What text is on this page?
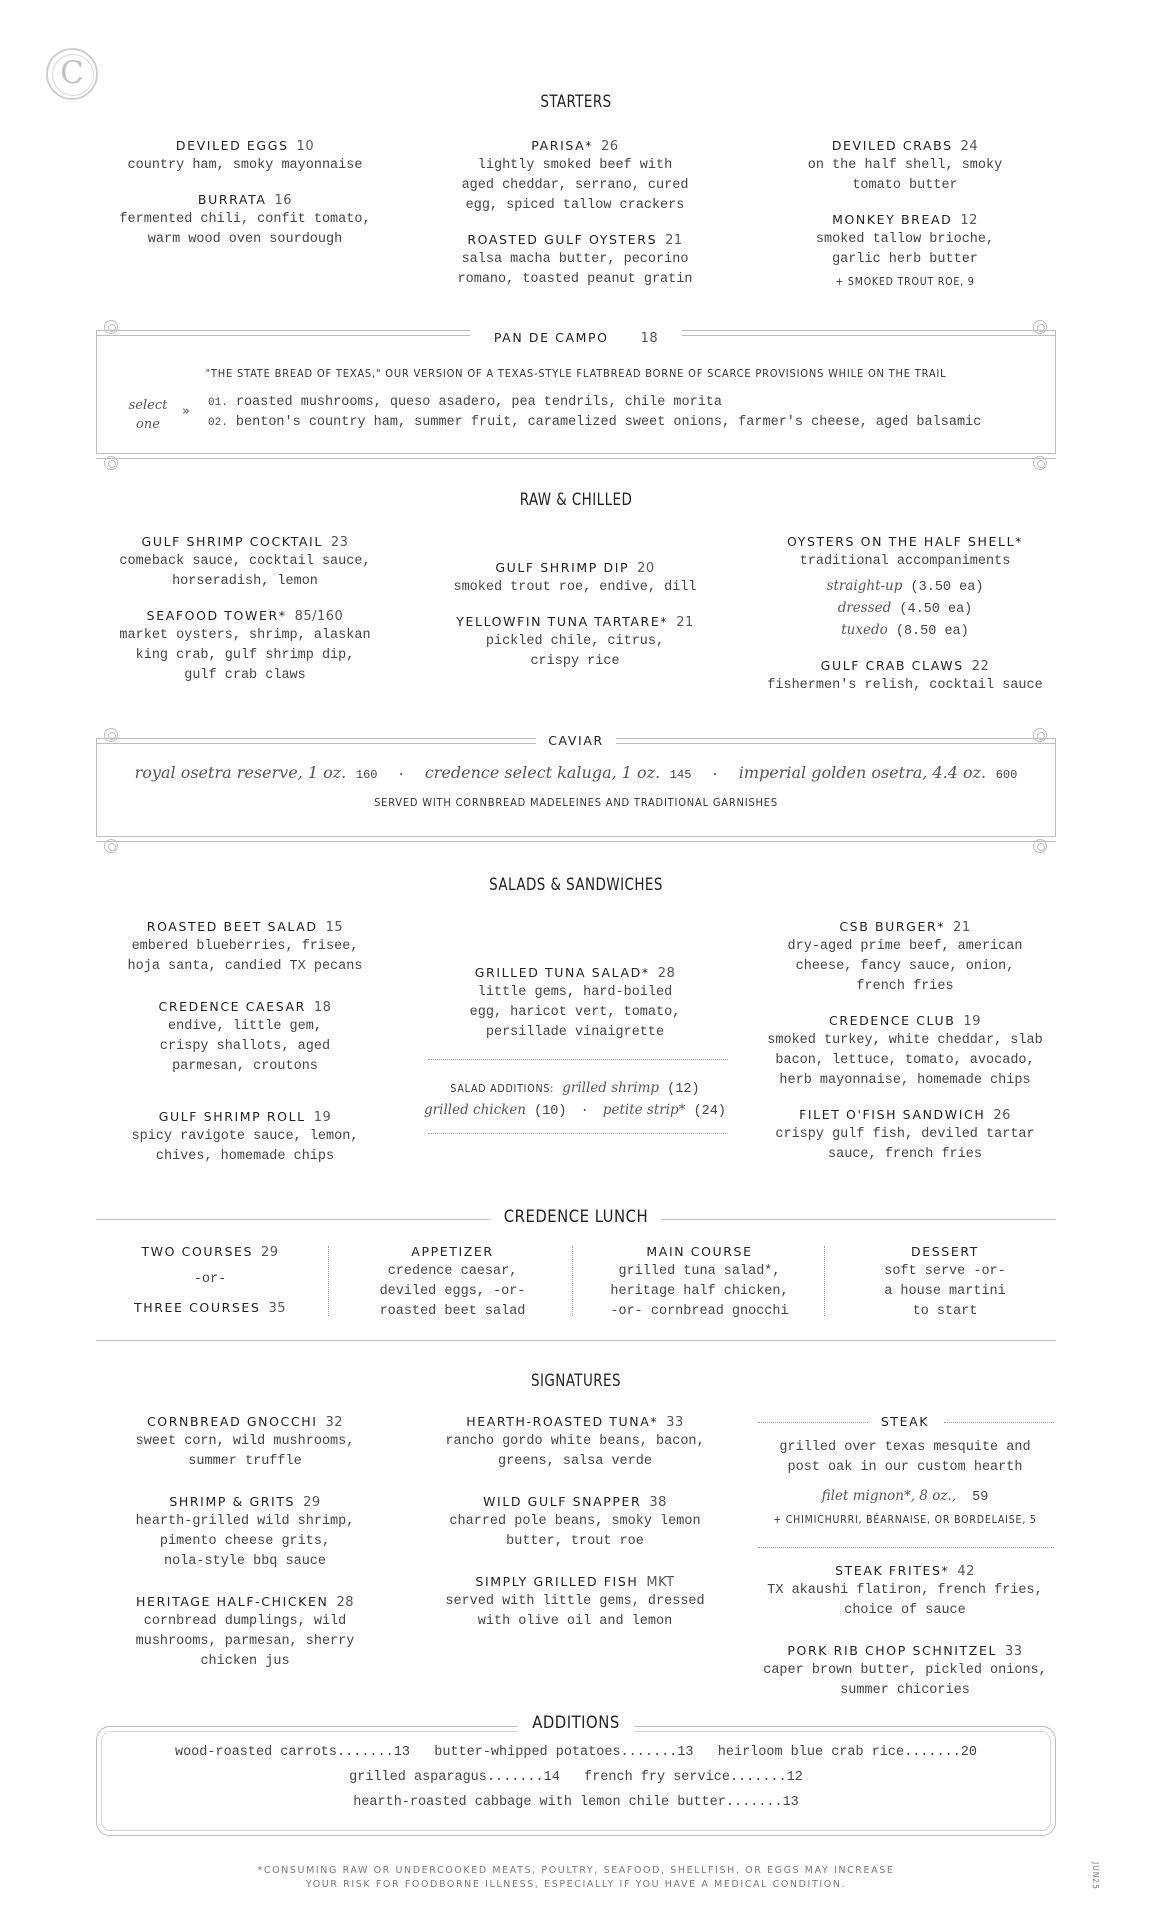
C
STARTERS
DEVILED EGGS 10
country ham, smoky mayonnaise
BURRATA 16
fermented chili, confit tomato,
warm wood oven sourdough
PARISA* 26
lightly smoked beef with
aged cheddar, serrano, cured
egg, spiced tallow crackers
ROASTED GULF OYSTERS 21
salsa macha butter, pecorino
romano, toasted peanut gratin
DEVILED CRABS 24
on the half shell, smoky
tomato butter
MONKEY BREAD 12
smoked tallow brioche,
garlic herb butter
+ SMOKED TROUT ROE, 9
PAN DE CAMPO 18
"THE STATE BREAD OF TEXAS," OUR VERSION OF A TEXAS-STYLE FLATBREAD BORNE OF SCARCE PROVISIONS WHILE ON THE TRAIL
select
one
»
01. roasted mushrooms, queso asadero, pea tendrils, chile morita
02. benton's country ham, summer fruit, caramelized sweet onions, farmer's cheese, aged balsamic
RAW & CHILLED
GULF SHRIMP COCKTAIL 23
comeback sauce, cocktail sauce,
horseradish, lemon
SEAFOOD TOWER* 85/160
market oysters, shrimp, alaskan
king crab, gulf shrimp dip,
gulf crab claws
GULF SHRIMP DIP 20
smoked trout roe, endive, dill
YELLOWFIN TUNA TARTARE* 21
pickled chile, citrus,
crispy rice
OYSTERS ON THE HALF SHELL*
traditional accompaniments
straight-up (3.50 ea)
dressed (4.50 ea)
tuxedo (8.50 ea)
GULF CRAB CLAWS 22
fishermen's relish, cocktail sauce
CAVIAR
royal osetra reserve, 1 oz. 160 · credence select kaluga, 1 oz. 145 · imperial golden osetra, 4.4 oz. 600
SERVED WITH CORNBREAD MADELEINES AND TRADITIONAL GARNISHES
SALADS & SANDWICHES
ROASTED BEET SALAD 15
embered blueberries, frisee,
hoja santa, candied TX pecans
CREDENCE CAESAR 18
endive, little gem,
crispy shallots, aged
parmesan, croutons
GULF SHRIMP ROLL 19
spicy ravigote sauce, lemon,
chives, homemade chips
GRILLED TUNA SALAD* 28
little gems, hard-boiled
egg, haricot vert, tomato,
persillade vinaigrette
SALAD ADDITIONS: grilled shrimp (12)
grilled chicken (10) · petite strip* (24)
CSB BURGER* 21
dry-aged prime beef, american
cheese, fancy sauce, onion,
french fries
CREDENCE CLUB 19
smoked turkey, white cheddar, slab
bacon, lettuce, tomato, avocado,
herb mayonnaise, homemade chips
FILET O'FISH SANDWICH 26
crispy gulf fish, deviled tartar
sauce, french fries
CREDENCE LUNCH
TWO COURSES 29
-or-
THREE COURSES 35
APPETIZER
credence caesar,
deviled eggs, -or-
roasted beet salad
MAIN COURSE
grilled tuna salad*,
heritage half chicken,
-or- cornbread gnocchi
DESSERT
soft serve -or-
a house martini
to start
SIGNATURES
CORNBREAD GNOCCHI 32
sweet corn, wild mushrooms,
summer truffle
SHRIMP & GRITS 29
hearth-grilled wild shrimp,
pimento cheese grits,
nola-style bbq sauce
HERITAGE HALF-CHICKEN 28
cornbread dumplings, wild
mushrooms, parmesan, sherry
chicken jus
HEARTH-ROASTED TUNA* 33
rancho gordo white beans, bacon,
greens, salsa verde
WILD GULF SNAPPER 38
charred pole beans, smoky lemon
butter, trout roe
SIMPLY GRILLED FISH MKT
served with little gems, dressed
with olive oil and lemon
STEAK
grilled over texas mesquite and
post oak in our custom hearth
filet mignon*, 8 oz., 59
+ CHIMICHURRI, BÉARNAISE, OR BORDELAISE, 5
STEAK FRITES* 42
TX akaushi flatiron, french fries,
choice of sauce
PORK RIB CHOP SCHNITZEL 33
caper brown butter, pickled onions,
summer chicories
ADDITIONS
wood-roasted carrots.......13   butter-whipped potatoes.......13   heirloom blue crab rice.......20
grilled asparagus.......14   french fry service.......12
hearth-roasted cabbage with lemon chile butter.......13
*CONSUMING RAW OR UNDERCOOKED MEATS, POULTRY, SEAFOOD, SHELLFISH, OR EGGS MAY INCREASE
YOUR RISK FOR FOODBORNE ILLNESS, ESPECIALLY IF YOU HAVE A MEDICAL CONDITION.	JUN25
